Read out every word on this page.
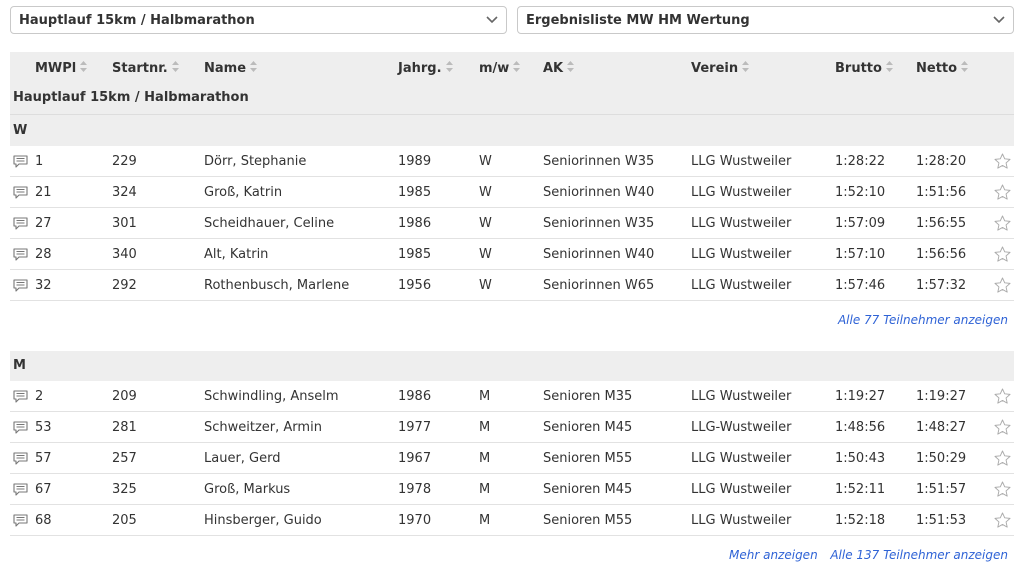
Hauptlauf 15km / Halbmarathon	Ergebnisliste MW HM Wertung
MWPl	Startnr.	Name	Jahrg.	m/w	AK	Verein	Brutto	Netto
Hauptlauf 15km / Halbmarathon
W
1	229	Dörr, Stephanie	1989	W	Seniorinnen W35	LLG Wustweiler	1:28:22 1:28:20
21	324	Groß, Katrin	1985	W	Seniorinnen W40	LLG Wustweiler	1:52:10 1:51:56
27	301	Scheidhauer, Celine	1986	W	Seniorinnen W35	LLG Wustweiler	1:57:09 1:56:55
28	340	Alt, Katrin	1985	W	Seniorinnen W40	LLG Wustweiler	1:57:10 1:56:56
32	292	Rothenbusch, Marlene	1956	W	Seniorinnen W65	LLG Wustweiler	1:57:46 1:57:32
Alle 77 Teilnehmer anzeigen
M
2	209	Schwindling, Anselm	1986	M	Senioren M35	LLG Wustweiler	1:19:27 1:19:27
53	281	Schweitzer, Armin	1977	M	Senioren M45	LLG-Wustweiler	1:48:56 1:48:27
57	257	Lauer, Gerd	1967	M	Senioren M55	LLG Wustweiler	1:50:43 1:50:29
67	325	Groß, Markus	1978	M	Senioren M45	LLG Wustweiler	1:52:11 1:51:57
68	205	Hinsberger, Guido	1970	M	Senioren M55	LLG Wustweiler	1:52:18 1:51:53
Mehr anzeigen Alle 137 Teilnehmer anzeigen
